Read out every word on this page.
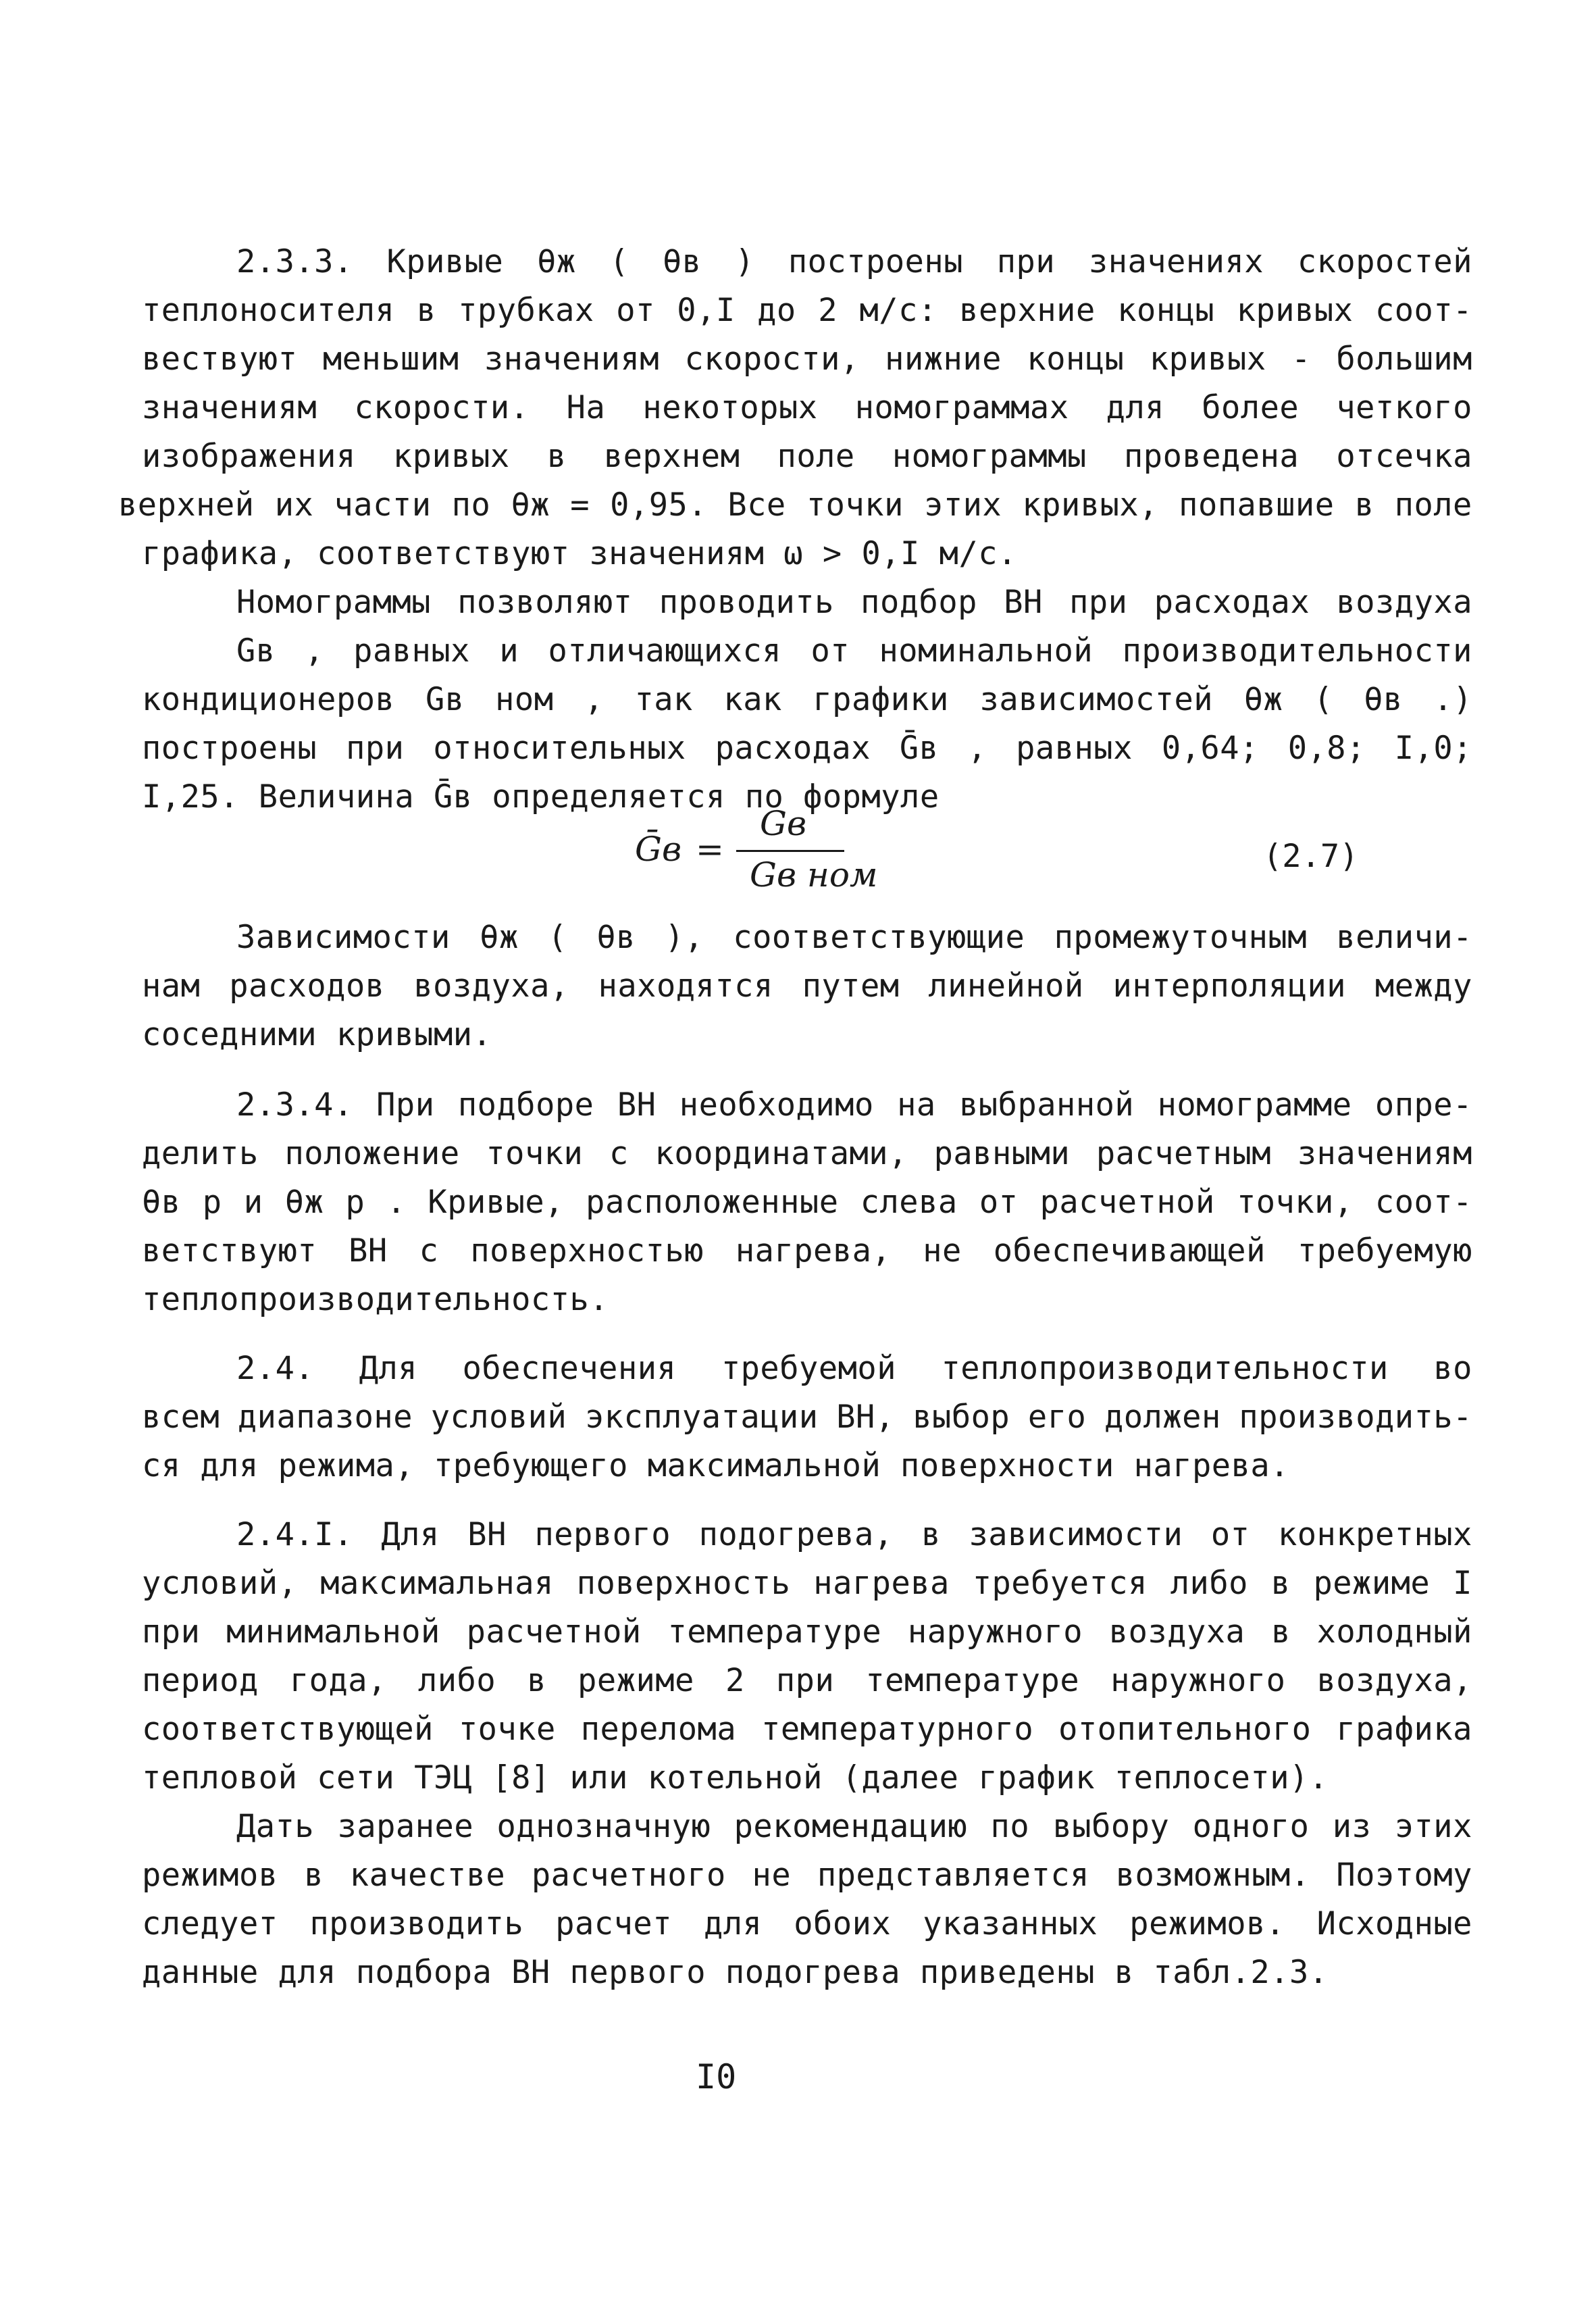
2.3.3. Кривые θж ( θв ) построены при значениях скоростей
теплоносителя в трубках от 0,I до 2 м/с: верхние концы кривых соот-
веcтвуют меньшим значениям скорости, нижние концы кривых - большим
значениям скорости. На некоторых номограммах для более четкого
изображения кривых в верхнем поле номограммы проведена отсечка
верхней их части по θж = 0,95. Все точки этих кривых, попавшие в поле
графика, соответствуют значениям ω > 0,I м/с.
Номограммы позволяют проводить подбор ВН при расходах воздуха
Gв , равных и отличающихся от номинальной производительности
кондиционеров Gв ном , так как графики зависимостей θж ( θв .)
построены при относительных расходах Ḡв , равных 0,64; 0,8; I,0;
I,25. Величина Ḡв определяется по формуле
Ḡв =
Gв
Gв ном	(2.7)
Зависимости θж ( θв ), соответствующие промежуточным величи-
нам расходов воздуха, находятся путем линейной интерполяции между
соседними кривыми.
2.3.4. При подборе ВН необходимо на выбранной номограмме опре-
делить положение точки с координатами, равными расчетным значениям
θв р и θж р . Кривые, расположенные слева от расчетной точки, соот-
ветствуют ВН с поверхностью нагрева, не обеспечивающей требуемую
теплопроизводительность.
2.4. Для обеспечения требуемой теплопроизводительности во
всем диапазоне условий эксплуатации ВН, выбор его должен производить-
ся для режима, требующего максимальной поверхности нагрева.
2.4.I. Для ВН первого подогрева, в зависимости от конкретных
условий, максимальная поверхность нагрева требуется либо в режиме I
при минимальной расчетной температуре наружного воздуха в холодный
период года, либо в режиме 2 при температуре наружного воздуха,
соответствующей точке перелома температурного отопительного графика
тепловой сети ТЭЦ [8] или котельной (далее график теплосети).
Дать заранее однозначную рекомендацию по выбору одного из этих
режимов в качестве расчетного не представляется возможным. Поэтому
следует производить расчет для обоих указанных режимов. Исходные
данные для подбора ВН первого подогрева приведены в табл.2.3.
I0
